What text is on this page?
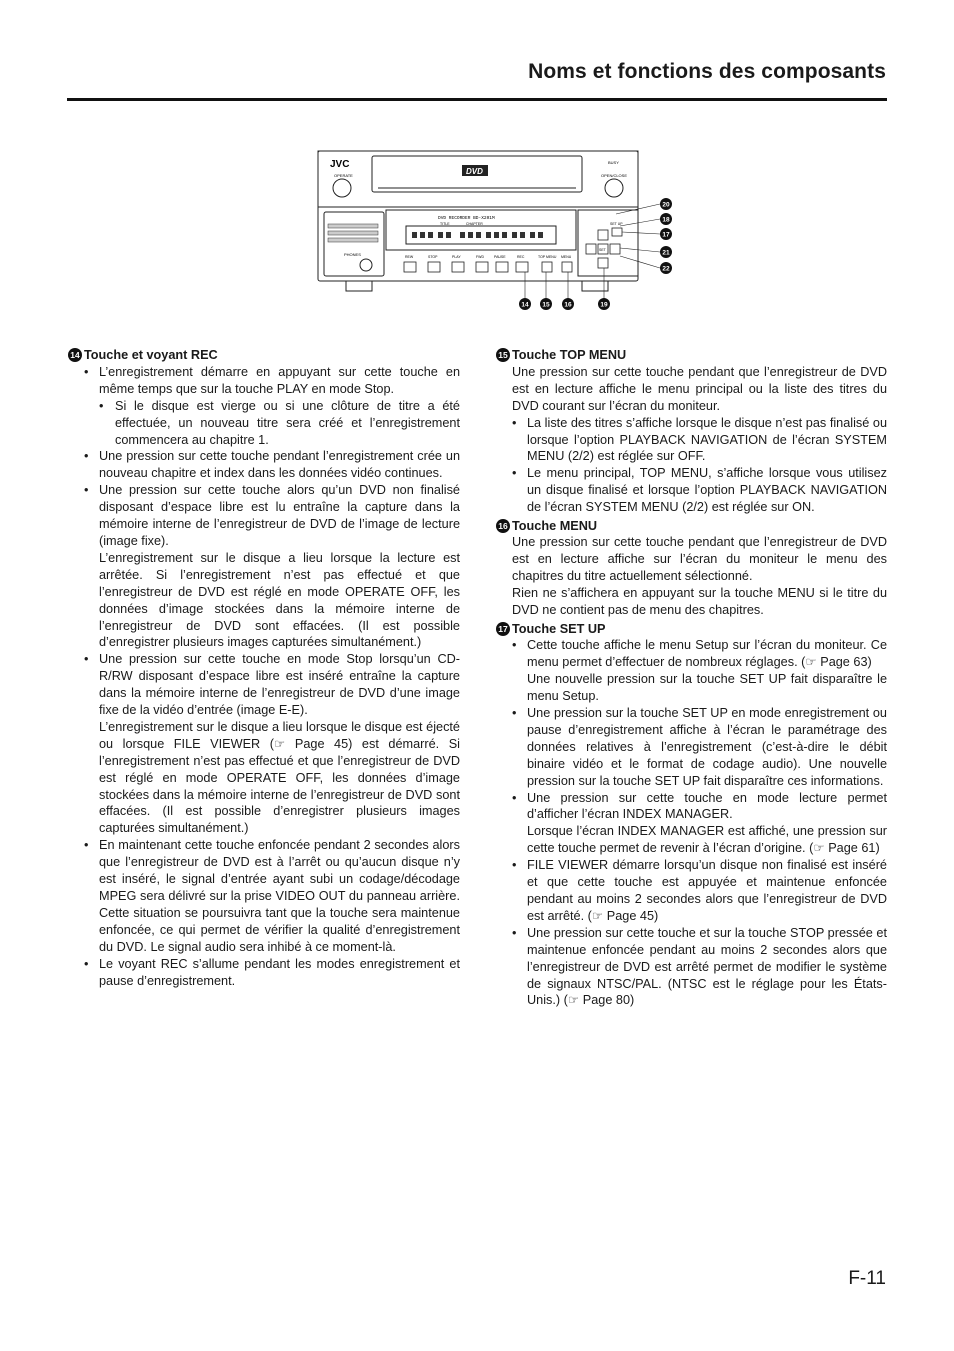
Noms et fonctions des composants
JVC
OPERATE
BUSY
OPEN/CLOSE
DVD
DVD RECORDER BD-X201M
TITLE	CHAPTER
PHONES	REW	STOP	PLAY	FWD	PAUSE	REC	TOP MENU MENU
SET UP
SET
14 15 16	19
20
18
17
21
22
14 Touche et voyant REC
• L’enregistrement démarre en appuyant sur cette touche en même temps que sur la touche PLAY en mode Stop.
• Si le disque est vierge ou si une clôture de titre a été effectuée, un nouveau titre sera créé et l’enregistrement commencera au chapitre 1.
• Une pression sur cette touche pendant l’enregistrement crée un nouveau chapitre et index dans les données vidéo continues.
• Une pression sur cette touche alors qu’un DVD non finalisé disposant d’espace libre est lu entraîne la capture dans la mémoire interne de l’enregistreur de DVD de l’image de lecture (image fixe).
L’enregistrement sur le disque a lieu lorsque la lecture est arrêtée. Si l’enregistrement n’est pas effectué et que l’enregistreur de DVD est réglé en mode OPERATE OFF, les données d’image stockées dans la mémoire interne de l’enregistreur de DVD sont effacées. (Il est possible d’enregistrer plusieurs images capturées simultanément.)
• Une pression sur cette touche en mode Stop lorsqu’un CD-R/RW disposant d’espace libre est inséré entraîne la capture dans la mémoire interne de l’enregistreur de DVD d’une image fixe de la vidéo d’entrée (image E-E).
L’enregistrement sur le disque a lieu lorsque le disque est éjecté ou lorsque FILE VIEWER (☞ Page 45) est démarré. Si l’enregistrement n’est pas effectué et que l’enregistreur de DVD est réglé en mode OPERATE OFF, les données d’image stockées dans la mémoire interne de l’enregistreur de DVD sont effacées. (Il est possible d’enregistrer plusieurs images capturées simultanément.)
• En maintenant cette touche enfoncée pendant 2 secondes alors que l’enregistreur de DVD est à l’arrêt ou qu’aucun disque n’y est inséré, le signal d’entrée ayant subi un codage/décodage MPEG sera délivré sur la prise VIDEO OUT du panneau arrière. Cette situation se poursuivra tant que la touche sera maintenue enfoncée, ce qui permet de vérifier la qualité d’enregistrement du DVD. Le signal audio sera inhibé à ce moment-là.
• Le voyant REC s’allume pendant les modes enregistrement et pause d’enregistrement.
15 Touche TOP MENU
Une pression sur cette touche pendant que l’enregistreur de DVD est en lecture affiche le menu principal ou la liste des titres du DVD courant sur l’écran du moniteur.
• La liste des titres s’affiche lorsque le disque n’est pas finalisé ou lorsque l’option PLAYBACK NAVIGATION de l’écran SYSTEM MENU (2/2) est réglée sur OFF.
• Le menu principal, TOP MENU, s’affiche lorsque vous utilisez un disque finalisé et lorsque l’option PLAYBACK NAVIGATION de l’écran SYSTEM MENU (2/2) est réglée sur ON.
16 Touche MENU
Une pression sur cette touche pendant que l’enregistreur de DVD est en lecture affiche sur l’écran du moniteur le menu des chapitres du titre actuellement sélectionné.
Rien ne s’affichera en appuyant sur la touche MENU si le titre du DVD ne contient pas de menu des chapitres.
17 Touche SET UP
• Cette touche affiche le menu Setup sur l’écran du moniteur. Ce menu permet d’effectuer de nombreux réglages. (☞ Page 63)
Une nouvelle pression sur la touche SET UP fait disparaître le menu Setup.
• Une pression sur la touche SET UP en mode enregistrement ou pause d’enregistrement affiche à l’écran le paramétrage des données relatives à l’enregistrement (c’est-à-dire le débit binaire vidéo et le format de codage audio). Une nouvelle pression sur la touche SET UP fait disparaître ces informations.
• Une pression sur cette touche en mode lecture permet d’afficher l’écran INDEX MANAGER.
Lorsque l’écran INDEX MANAGER est affiché, une pression sur cette touche permet de revenir à l’écran d’origine. (☞ Page 61)
• FILE VIEWER démarre lorsqu’un disque non finalisé est inséré et que cette touche est appuyée et maintenue enfoncée pendant au moins 2 secondes alors que l’enregistreur de DVD est arrêté. (☞ Page 45)
• Une pression sur cette touche et sur la touche STOP pressée et maintenue enfoncée pendant au moins 2 secondes alors que l’enregistreur de DVD est arrêté permet de modifier le système de signaux NTSC/PAL. (NTSC est le réglage pour les États-Unis.) (☞ Page 80)
F-11
